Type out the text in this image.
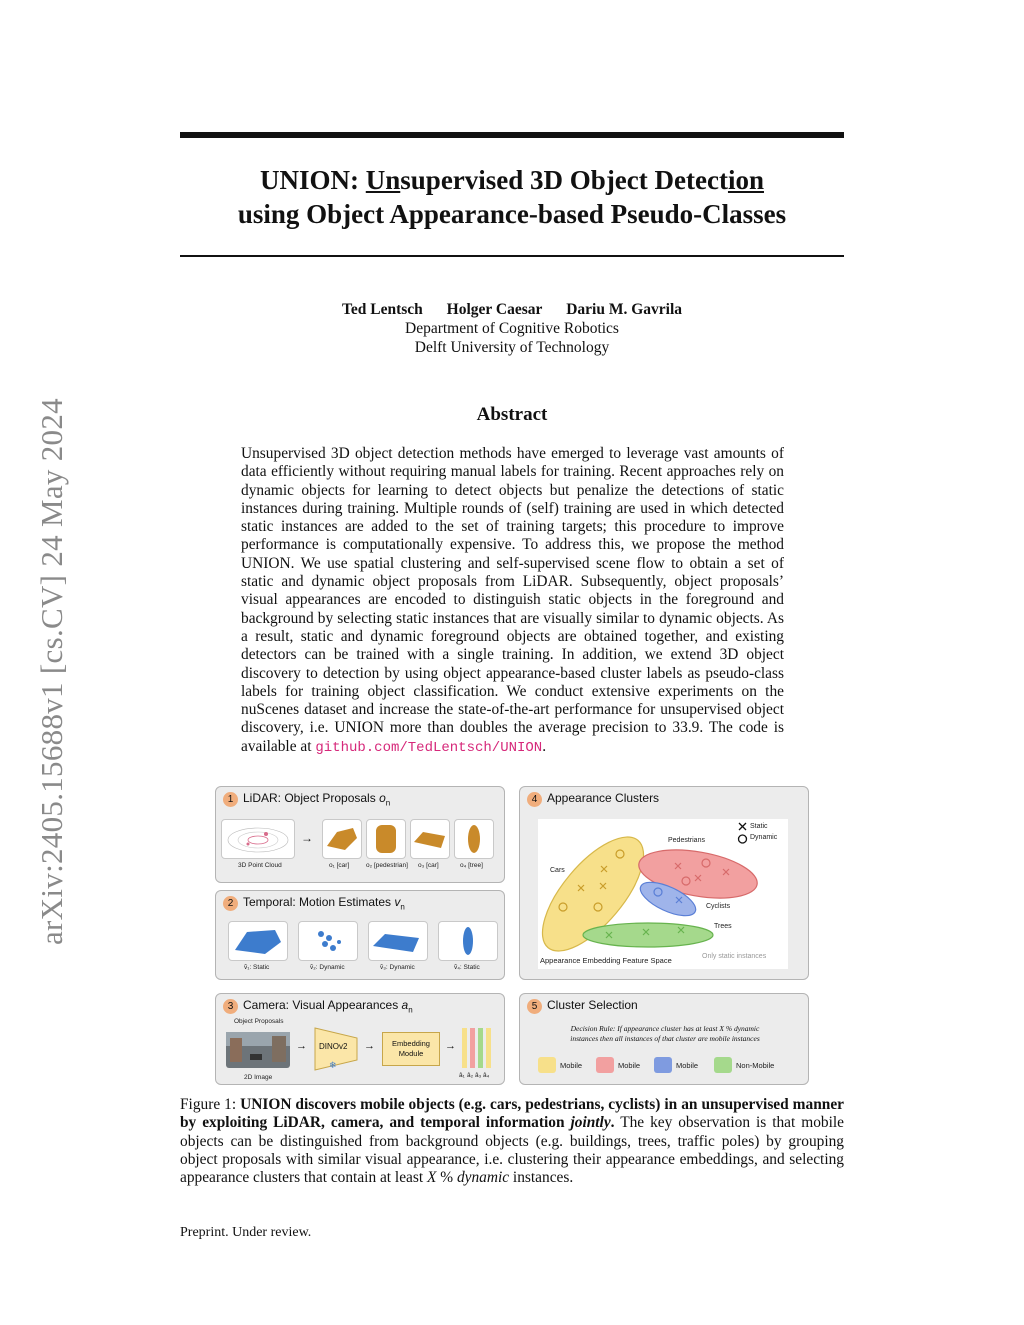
arXiv:2405.15688v1 [cs.CV] 24 May 2024
UNION: Unsupervised 3D Object Detection
using Object Appearance-based Pseudo-Classes
Ted Lentsch Holger Caesar Dariu M. Gavrila
Department of Cognitive Robotics
Delft University of Technology
Abstract
Unsupervised 3D object detection methods have emerged to leverage vast amounts of data efficiently without requiring manual labels for training. Recent approaches rely on dynamic objects for learning to detect objects but penalize the detections of static instances during training. Multiple rounds of (self) training are used in which detected static instances are added to the set of training targets; this procedure to improve performance is computationally expensive. To address this, we propose the method UNION. We use spatial clustering and self-supervised scene flow to obtain a set of static and dynamic object proposals from LiDAR. Subsequently, object proposals’ visual appearances are encoded to distinguish static objects in the foreground and background by selecting static instances that are visually similar to dynamic objects. As a result, static and dynamic foreground objects are obtained together, and existing detectors can be trained with a single training. In addition, we extend 3D object discovery to detection by using object appearance-based cluster labels as pseudo-class labels for training object classification. We conduct extensive experiments on the nuScenes dataset and increase the state-of-the-art performance for unsupervised object discovery, i.e. UNION more than doubles the average precision to 33.9. The code is available at github.com/TedLentsch/UNION.
1 LiDAR: Object Proposals $o_n$
3D Point Cloud
→
o₁ [car]	o₂ [pedestrian] o₃ [car]	o₄ [tree]
2 Temporal: Motion Estimates $v_n$
v̂₁: Static	v̂₂: Dynamic	v̂₃: Dynamic	v̂₄: Static
3 Camera: Visual Appearances $a_n$
Object Proposals
2D Image
→ DINOv2
❄
→	Embedding Module
→
â₁ â₂ â₃ â₄
4 Appearance Clusters
Static
Dynamic
Cars
Pedestrians
Cyclists
Trees
Only static instances
Appearance Embedding Feature Space
5 Cluster Selection
Decision Rule: If appearance cluster has at least X % dynamic
instances then all instances of that cluster are mobile instances
Mobile	Mobile	Mobile	Non-Mobile
Figure 1: UNION discovers mobile objects (e.g. cars, pedestrians, cyclists) in an unsupervised manner by exploiting LiDAR, camera, and temporal information jointly. The key observation is that mobile objects can be distinguished from background objects (e.g. buildings, trees, traffic poles) by grouping object proposals with similar visual appearance, i.e. clustering their appearance embeddings, and selecting appearance clusters that contain at least X % dynamic instances.
Preprint. Under review.
